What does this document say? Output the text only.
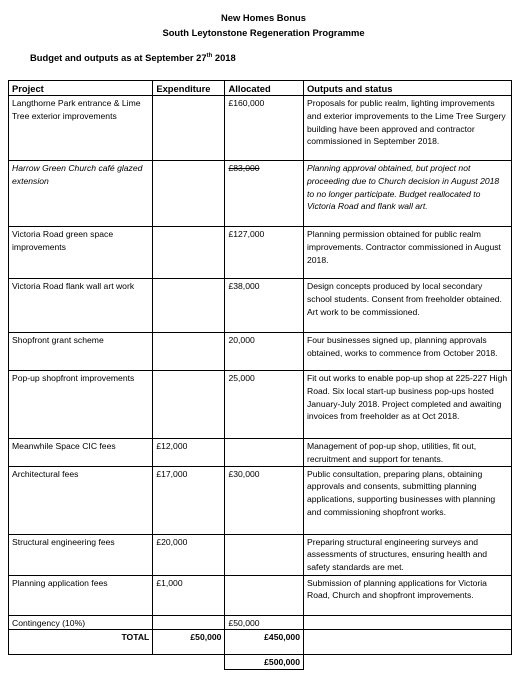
New Homes Bonus
South Leytonstone Regeneration Programme
Budget and outputs as at September 27th 2018
Project	Expenditure	Allocated	Outputs and status
Langthorne Park entrance & Lime Tree exterior improvements		£160,000	Proposals for public realm, lighting improvements and exterior improvements to the Lime Tree Surgery building have been approved and contractor commissioned in September 2018.
Harrow Green Church café glazed extension		£83,000	Planning approval obtained, but project not proceeding due to Church decision in August 2018 to no longer participate. Budget reallocated to Victoria Road and flank wall art.
Victoria Road green space improvements		£127,000	Planning permission obtained for public realm improvements. Contractor commissioned in August 2018.
Victoria Road flank wall art work		£38,000	Design concepts produced by local secondary school students. Consent from freeholder obtained. Art work to be commissioned.
Shopfront grant scheme		20,000	Four businesses signed up, planning approvals obtained, works to commence from October 2018.
Pop-up shopfront improvements		25,000	Fit out works to enable pop-up shop at 225-227 High Road. Six local start-up business pop-ups hosted January-July 2018. Project completed and awaiting invoices from freeholder as at Oct 2018.
Meanwhile Space CIC fees	£12,000		Management of pop-up shop, utilities, fit out, recruitment and support for tenants.
Architectural fees	£17,000	£30,000	Public consultation, preparing plans, obtaining approvals and consents, submitting planning applications, supporting businesses with planning and commissioning shopfront works.
Structural engineering fees	£20,000		Preparing structural engineering surveys and assessments of structures, ensuring health and safety standards are met.
Planning application fees	£1,000		Submission of planning applications for Victoria Road, Church and shopfront improvements.
Contingency (10%)		£50,000	
TOTAL	£50,000	£450,000	
		£500,000	
